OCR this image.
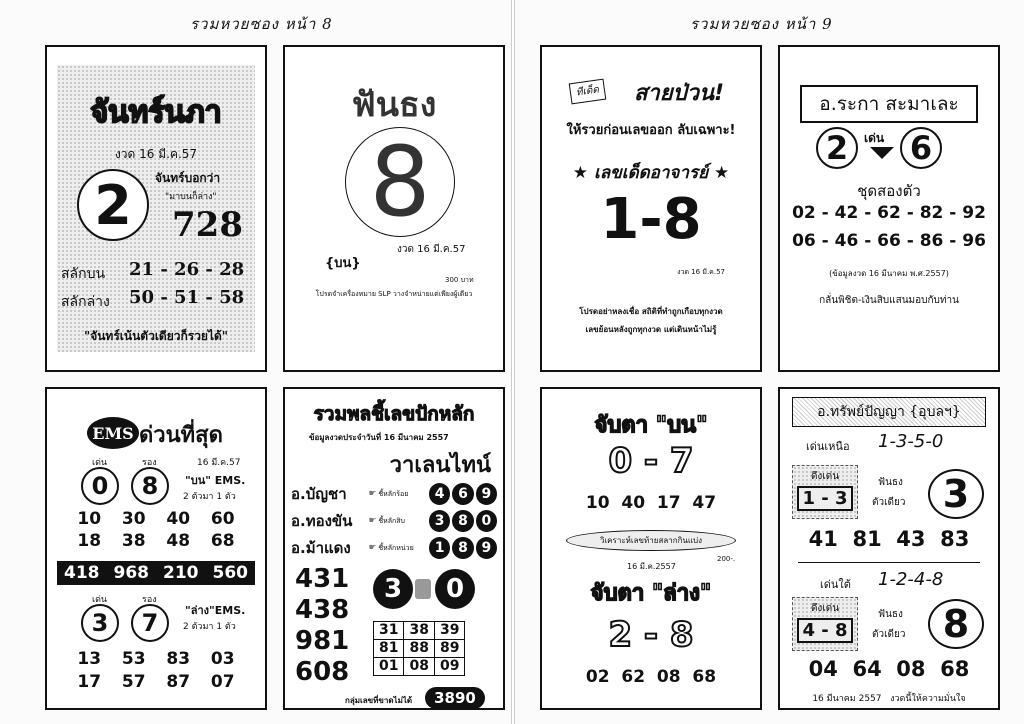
รวมหวยซอง หน้า 8	รวมหวยซอง หน้า 9
จันทร์นภา
งวด 16 มี.ค.57
2	จันทร์บอกว่า
"มาบนก็ล่าง"
728
สลักบน 21 - 26 - 28
สลักล่าง 50 - 51 - 58
"จันทร์เน้นตัวเดียวก็รวยได้"
ฟันธง
8
งวด 16 มี.ค.57
{บน}
300 บาท
โปรดจำเครื่องหมาย SLP วางจำหน่ายแต่เพียงผู้เดียว
EMS ด่วนที่สุด
เด่น	รอง	16 มี.ค.57
0	8	"บน" EMS.
2 ตัวมา 1 ตัว
10 30 40 60
18 38 48 68
418 968 210 560
เด่น	รอง
3	7	"ล่าง"EMS.
2 ตัวมา 1 ตัว
13 53 83 03
17 57 87 07
รวมพลชี้เลขปักหลัก
ข้อมูลงวดประจำวันที่ 16 มีนาคม 2557
วาเลนไทน์
อ.บัญชา	☛ ชี้หลักร้อย	4 6 9
อ.ทองขัน	☛ ชี้หลักสิบ	3 8 0
อ.ม้าแดง	☛ ชี้หลักหน่วย	1 8 9
431
438
981
608
3	0
31	38	39
81	88	89
01	08	09
กลุ่มเลขที่ขาดไม่ได้	3890
ทีเด็ด	สายป่วน!
ให้รวยก่อนเลขออก ลับเฉพาะ!
★ เลขเด็ดอาจารย์ ★
1-8
งวด 16 มี.ค.57
โปรดอย่าหลงเชื่อ สถิติที่ทำถูกเกือบทุกงวด
เลขย้อนหลังถูกทุกงวด แต่เดินหน้าไม่รู้
อ.ระกา สะมาเละ
2	เด่น 6
ชุดสองตัว
02 - 42 - 62 - 82 - 92
06 - 46 - 66 - 86 - 96
(ข้อมูลงวด 16 มีนาคม พ.ศ.2557)
กลั่นพิชิต-เงินสิบแสนมอบกับท่าน
จับตา "บน"
0 - 7
10  40  17  47
วิเคราะห์เลขท้ายสลากกินแบ่ง
16 มี.ค.2557
200-.
จับตา "ล่าง"
2 - 8
02  62  08  68
อ.ทรัพย์ปัญญา {อุบลฯ}
เด่นเหนือ 1-3-5-0
ดึงเด่น
1 - 3
ฟันธง
ตัวเดียว 3
41  81  43  83
เด่นใต้ 1-2-4-8
ดึงเด่น
4 - 8
ฟันธง
ตัวเดียว 8
04  64  08  68
16 มีนาคม 2557   งวดนี้ให้ความมั่นใจ
